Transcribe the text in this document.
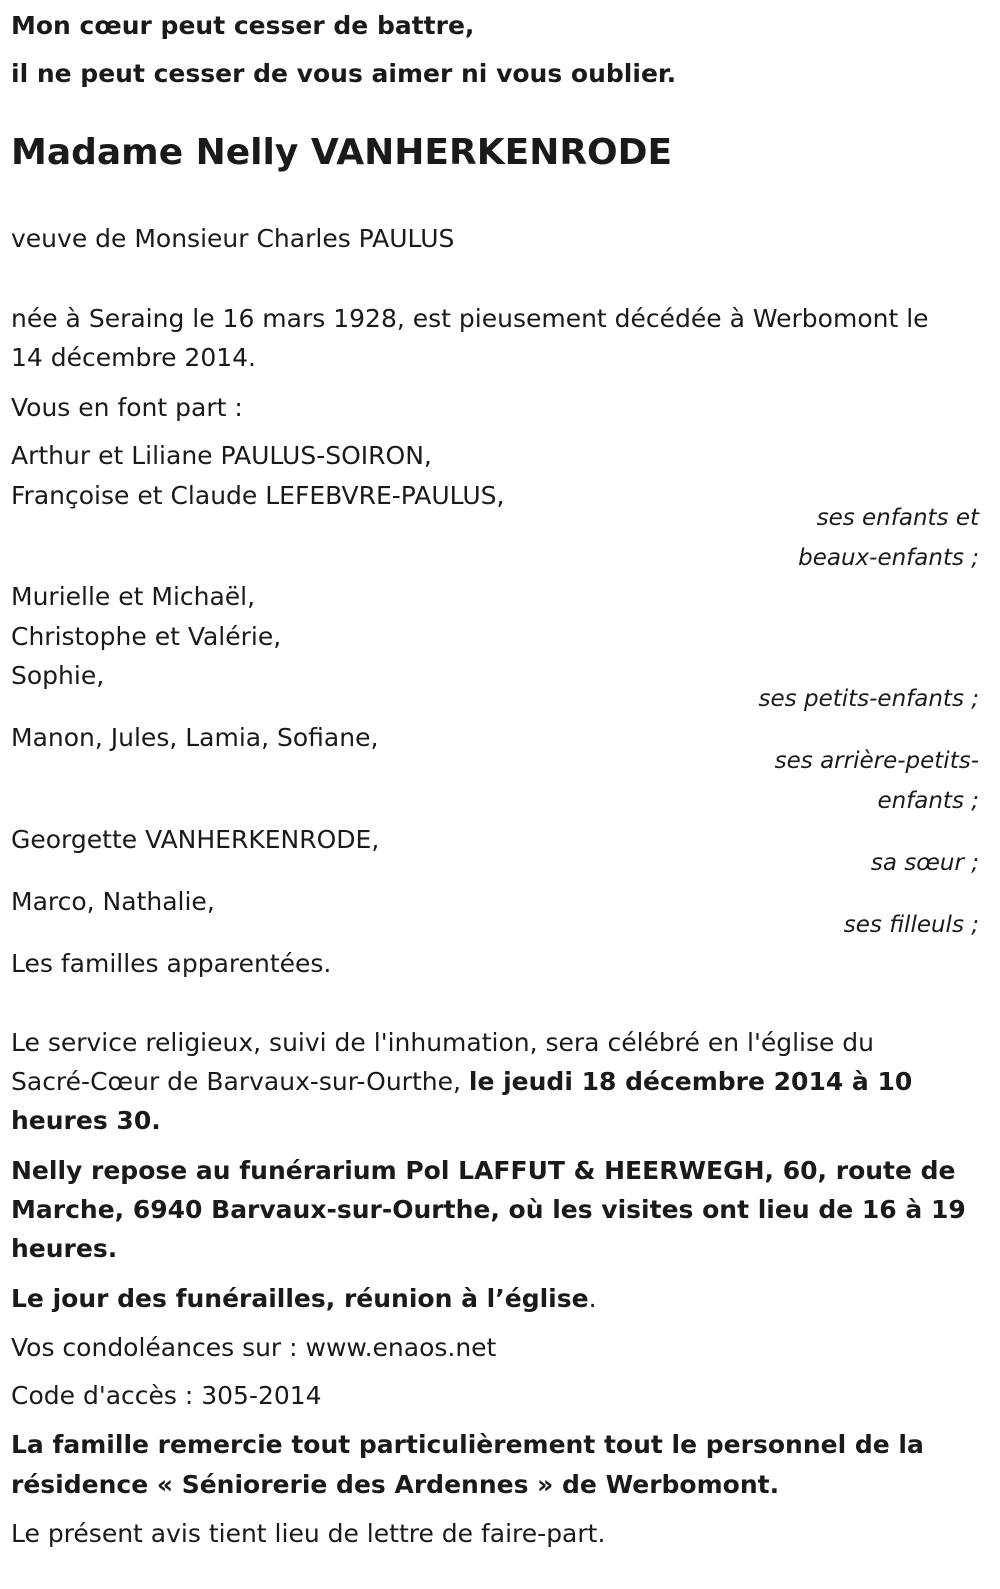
Mon cœur peut cesser de battre,
il ne peut cesser de vous aimer ni vous oublier.
Madame Nelly VANHERKENRODE
veuve de Monsieur Charles PAULUS
née à Seraing le 16 mars 1928, est pieusement décédée à Werbomont le
14 décembre 2014.
Vous en font part :
Arthur et Liliane PAULUS-SOIRON,
Françoise et Claude LEFEBVRE-PAULUS,
ses enfants et
beaux-enfants ;
Murielle et Michaël,
Christophe et Valérie,
Sophie,
ses petits-enfants ;
Manon, Jules, Lamia, Sofiane,
ses arrière-petits-
enfants ;
Georgette VANHERKENRODE,
sa sœur ;
Marco, Nathalie,
ses filleuls ;
Les familles apparentées.
Le service religieux, suivi de l'inhumation, sera célébré en l'église du
Sacré-Cœur de Barvaux-sur-Ourthe, le jeudi 18 décembre 2014 à 10
heures 30.
Nelly repose au funérarium Pol LAFFUT & HEERWEGH, 60, route de
Marche, 6940 Barvaux-sur-Ourthe, où les visites ont lieu de 16 à 19
heures.
Le jour des funérailles, réunion à l’église.
Vos condoléances sur : www.enaos.net
Code d'accès : 305-2014
La famille remercie tout particulièrement tout le personnel de la
résidence « Séniorerie des Ardennes » de Werbomont.
Le présent avis tient lieu de lettre de faire-part.
